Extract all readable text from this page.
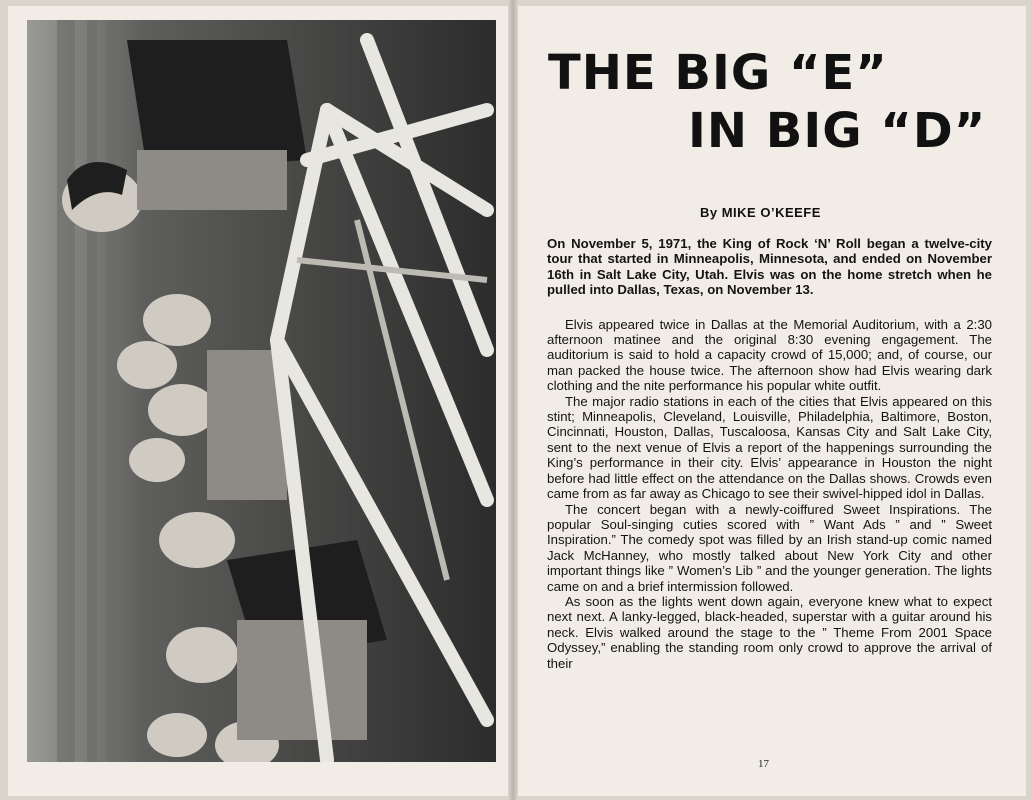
THE BIG “E”
IN BIG “D”
By MIKE O’KEEFE

On November 5, 1971, the King of Rock ‘N’ Roll began a twelve-city tour that started in Minneapolis, Minnesota, and ended on November 16th in Salt Lake City, Utah. Elvis was on the home stretch when he pulled into Dallas, Texas, on November 13.

Elvis appeared twice in Dallas at the Memorial Auditorium, with a 2:30 afternoon matinee and the original 8:30 evening engagement. The auditorium is said to hold a capacity crowd of 15,000; and, of course, our man packed the house twice. The afternoon show had Elvis wearing dark clothing and the nite performance his popular white outfit.

The major radio stations in each of the cities that Elvis appeared on this stint; Minneapolis, Cleveland, Louisville, Philadelphia, Baltimore, Boston, Cincinnati, Houston, Dallas, Tuscaloosa, Kansas City and Salt Lake City, sent to the next venue of Elvis a report of the happenings surrounding the King’s performance in their city. Elvis’ appearance in Houston the night before had little effect on the attendance on the Dallas shows. Crowds even came from as far away as Chicago to see their swivel-hipped idol in Dallas.

The concert began with a newly-coiffured Sweet Inspirations. The popular Soul-singing cuties scored with ” Want Ads ” and ” Sweet Inspiration.” The comedy spot was filled by an Irish stand-up comic named Jack McHanney, who mostly talked about New York City and other important things like ” Women’s Lib ” and the younger generation. The lights came on and a brief intermission followed.

As soon as the lights went down again, everyone knew what to expect next next. A lanky-legged, black-headed, superstar with a guitar around his neck. Elvis walked around the stage to the ” Theme From 2001 Space Odyssey,” enabling the standing room only crowd to approve the arrival of their

17
